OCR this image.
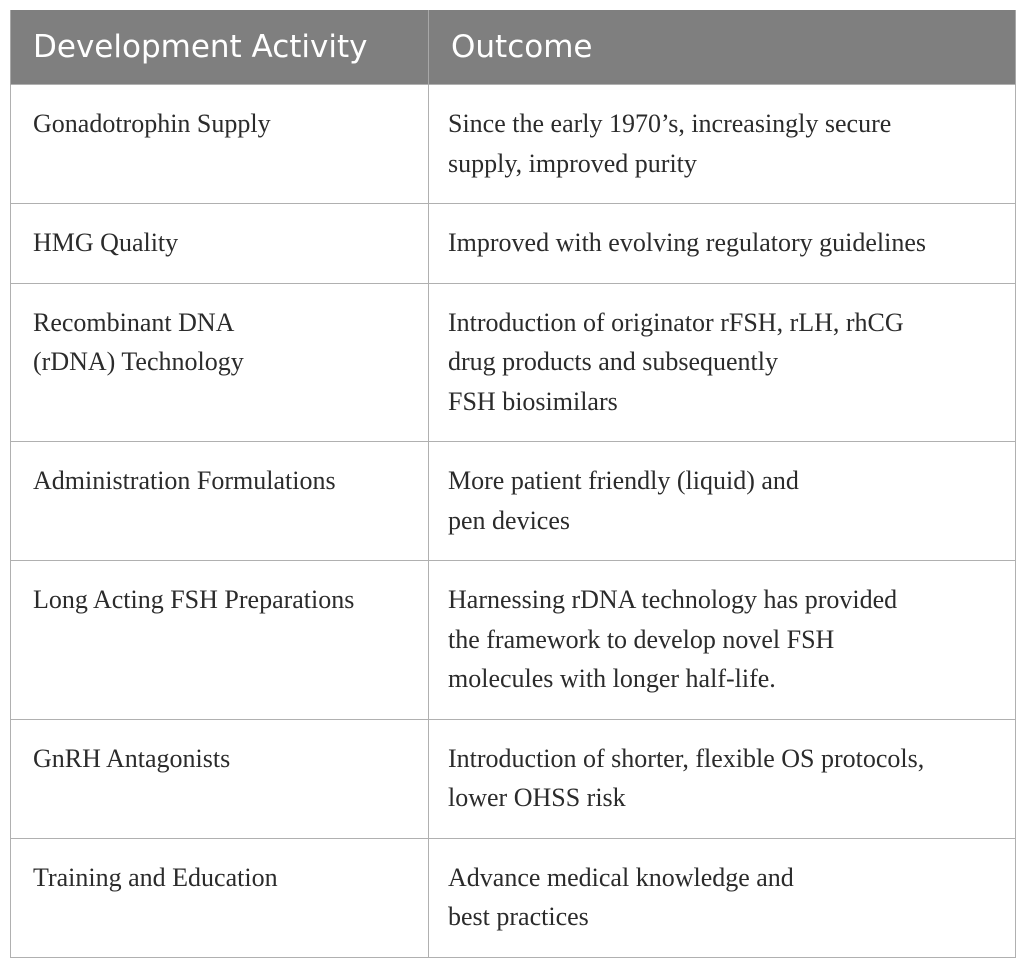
Development Activity	Outcome
Gonadotrophin Supply	Since the early 1970’s, increasingly secure
supply, improved purity
HMG Quality	Improved with evolving regulatory guidelines
Recombinant DNA
(rDNA) Technology	Introduction of originator rFSH, rLH, rhCG
drug products and subsequently
FSH biosimilars
Administration Formulations	More patient friendly (liquid) and
pen devices
Long Acting FSH Preparations	Harnessing rDNA technology has provided
the framework to develop novel FSH
molecules with longer half-life.
GnRH Antagonists	Introduction of shorter, flexible OS protocols,
lower OHSS risk
Training and Education	Advance medical knowledge and
best practices
